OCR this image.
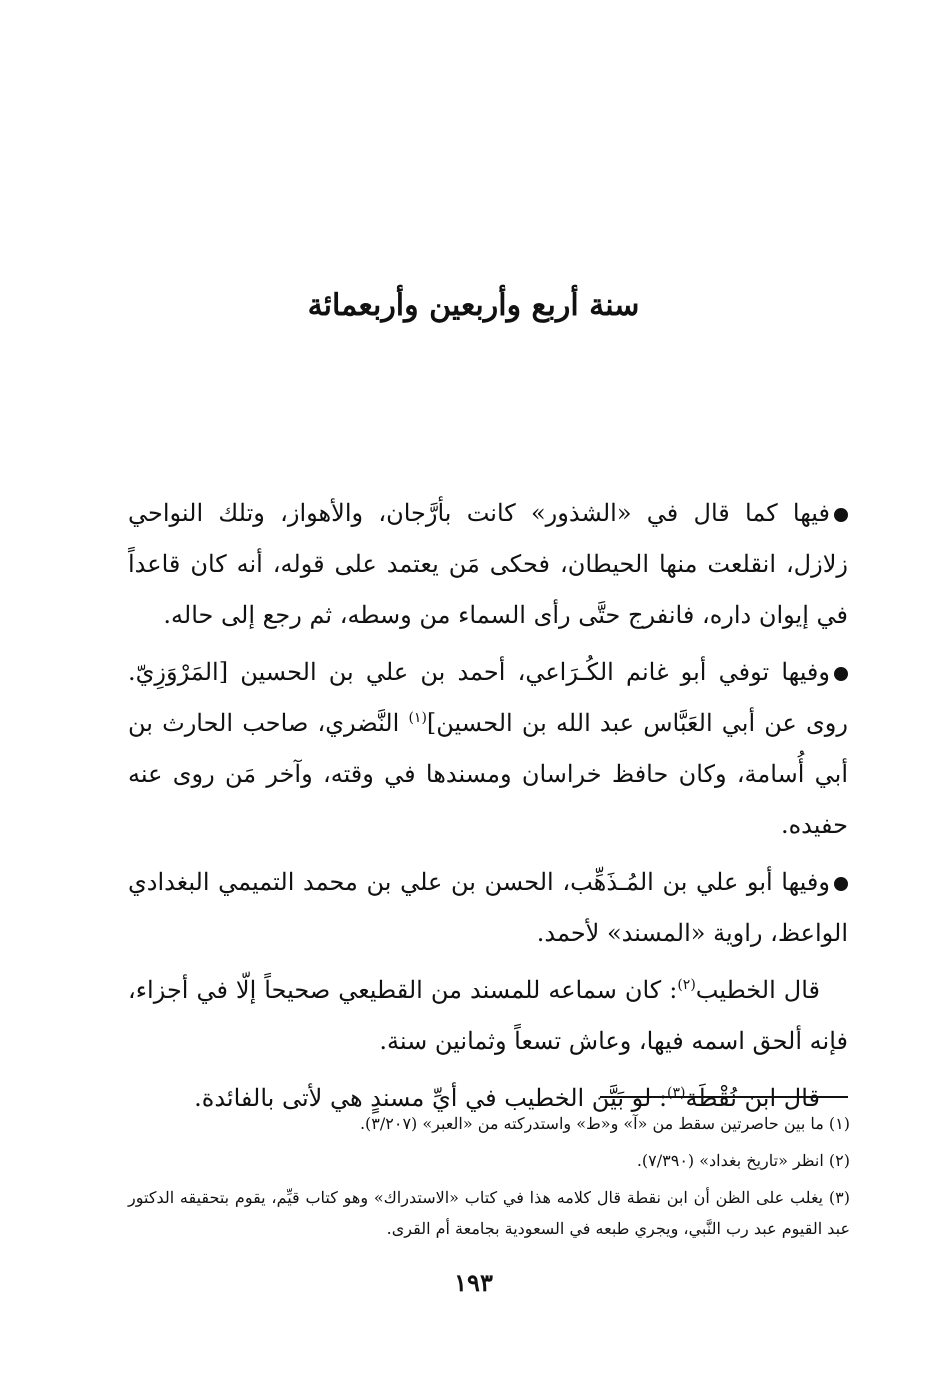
سنة أربع وأربعين وأربعمائة

فيها كما قال في «الشذور» كانت بأرَّجان، والأهواز، وتلك النواحي زلازل، انقلعت منها الحيطان، فحكى مَن يعتمد على قوله، أنه كان قاعداً في إيوان داره، فانفرج حتَّى رأى السماء من وسطه، ثم رجع إلى حاله.

وفيها توفي أبو غانم الكُـرَاعي، أحمد بن علي بن الحسين [المَرْوَزِيّ. روى عن أبي العَبَّاس عبد الله بن الحسين]$^{(١)}$ النَّضري، صاحب الحارث بن أبي أُسامة، وكان حافظ خراسان ومسندها في وقته، وآخر مَن روى عنه حفيده.

وفيها أبو علي بن المُـذَهِّب، الحسن بن علي بن محمد التميمي البغدادي الواعظ، راوية «المسند» لأحمد.

قال الخطيب$^{(٢)}$: كان سماعه للمسند من القطيعي صحيحاً إلّا في أجزاء، فإنه ألحق اسمه فيها، وعاش تسعاً وثمانين سنة.

قال ابن نُقْطَة$^{(٣)}$: لو بَيَّن الخطيب في أيِّ مسندٍ هي لأتى بالفائدة.

(١) ما بين حاصرتين سقط من «آ» و«ط» واستدركته من «العبر» (٣/٢٠٧).

(٢) انظر «تاريخ بغداد» (٧/٣٩٠).

(٣) يغلب على الظن أن ابن نقطة قال كلامه هذا في كتاب «الاستدراك» وهو كتاب قيِّم، يقوم بتحقيقه الدكتور عبد القيوم عبد رب النَّبي، ويجري طبعه في السعودية بجامعة أم القرى.

١٩٣
